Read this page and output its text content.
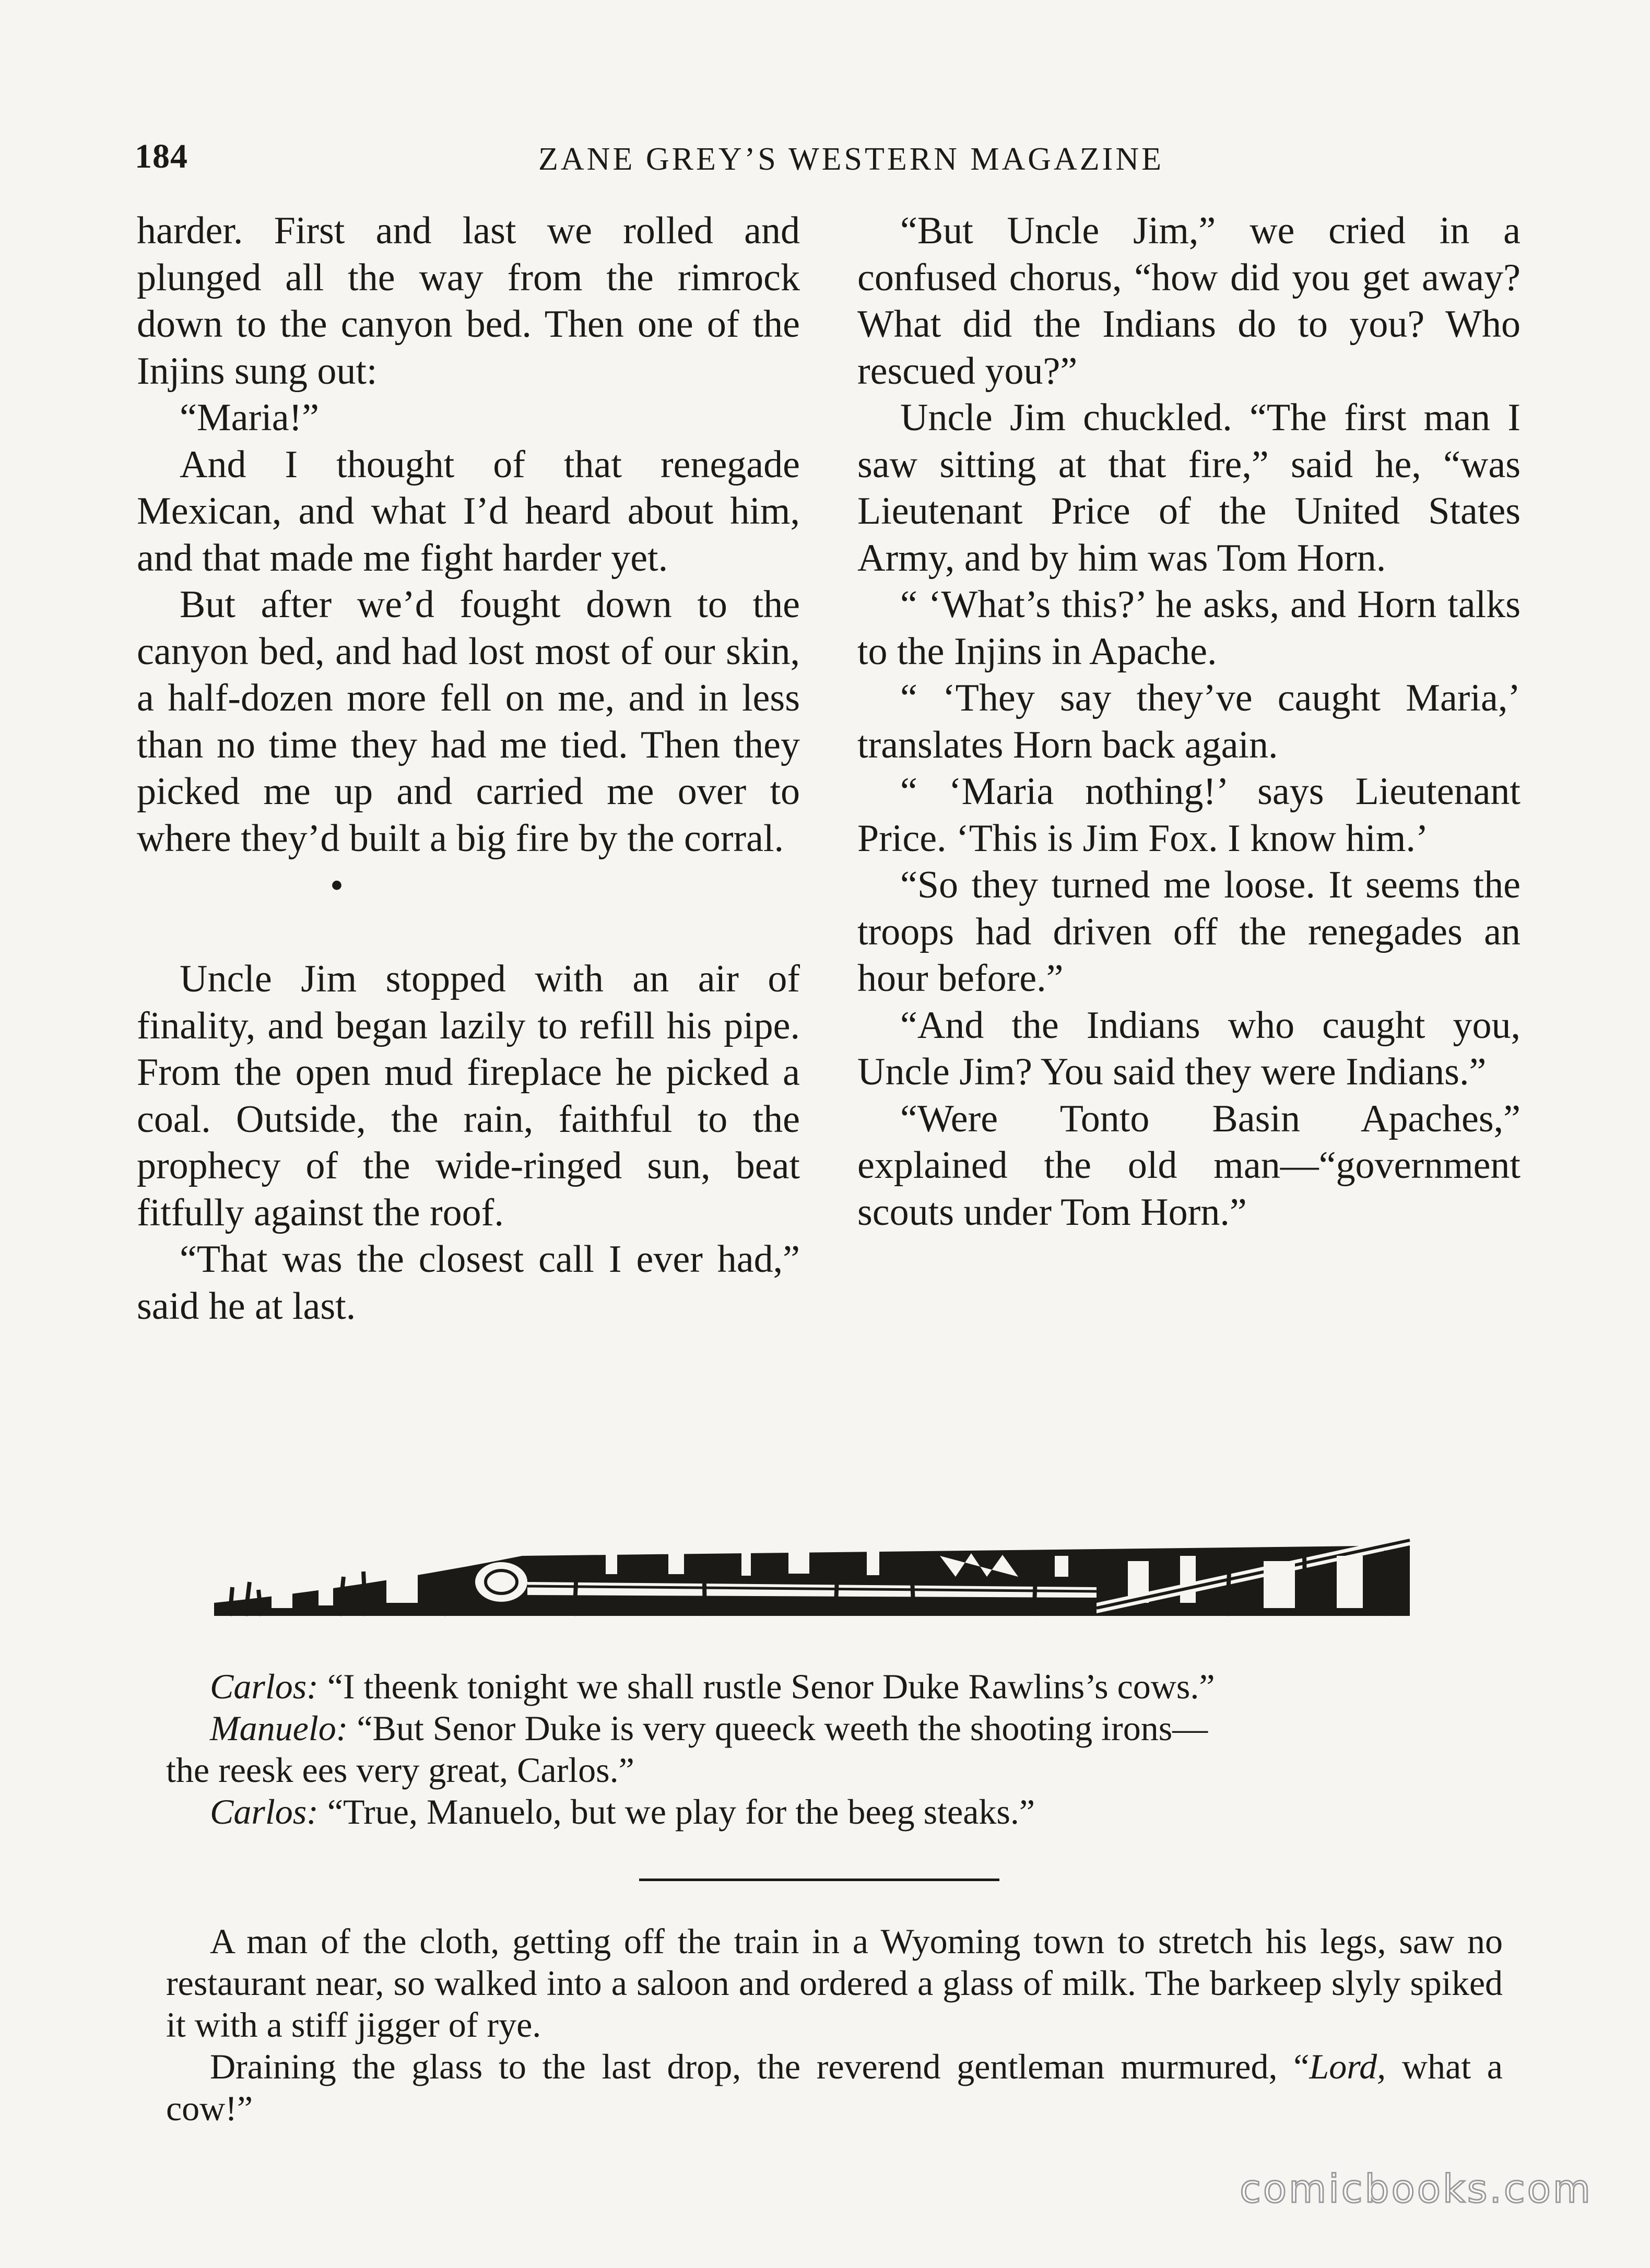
184	ZANE GREY’S WESTERN MAGAZINE

harder. First and last we rolled and plunged all the way from the rimrock down to the canyon bed. Then one of the Injins sung out:

“Maria!”

And I thought of that renegade Mexican, and what I’d heard about him, and that made me fight harder yet.

But after we’d fought down to the canyon bed, and had lost most of our skin, a half-dozen more fell on me, and in less than no time they had me tied. Then they picked me up and carried me over to where they’d built a big fire by the corral.

•

Uncle Jim stopped with an air of finality, and began lazily to refill his pipe. From the open mud fireplace he picked a coal. Outside, the rain, faithful to the prophecy of the wide-ringed sun, beat fitfully against the roof.

“That was the closest call I ever had,” said he at last.

“But Uncle Jim,” we cried in a confused chorus, “how did you get away? What did the Indians do to you? Who rescued you?”

Uncle Jim chuckled. “The first man I saw sitting at that fire,” said he, “was Lieutenant Price of the United States Army, and by him was Tom Horn.

“ ‘What’s this?’ he asks, and Horn talks to the Injins in Apache.

“ ‘They say they’ve caught Maria,’ translates Horn back again.

“ ‘Maria nothing!’ says Lieutenant Price. ‘This is Jim Fox. I know him.’

“So they turned me loose. It seems the troops had driven off the renegades an hour before.”

“And the Indians who caught you, Uncle Jim? You said they were Indians.”

“Were Tonto Basin Apaches,” explained the old man—“government scouts under Tom Horn.”

Carlos: “I theenk tonight we shall rustle Senor Duke Rawlins’s cows.”

Manuelo: “But Senor Duke is very queeck weeth the shooting irons—

the reesk ees very great, Carlos.”

Carlos: “True, Manuelo, but we play for the beeg steaks.”

A man of the cloth, getting off the train in a Wyoming town to stretch his legs, saw no restaurant near, so walked into a saloon and ordered a glass of milk. The barkeep slyly spiked it with a stiff jigger of rye.

Draining the glass to the last drop, the reverend gentleman murmured, “Lord, what a cow!”

comicbooks.com
